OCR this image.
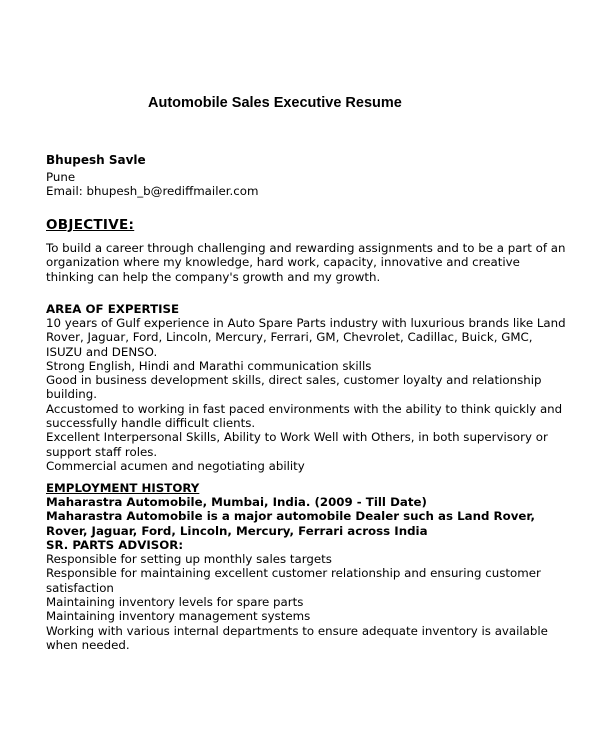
Automobile Sales Executive Resume
Bhupesh Savle
Pune
Email: bhupesh_b@rediffmailer.com
OBJECTIVE:
To build a career through challenging and rewarding assignments and to be a part of an
organization where my knowledge, hard work, capacity, innovative and creative
thinking can help the company's growth and my growth.
AREA OF EXPERTISE
10 years of Gulf experience in Auto Spare Parts industry with luxurious brands like Land
Rover, Jaguar, Ford, Lincoln, Mercury, Ferrari, GM, Chevrolet, Cadillac, Buick, GMC,
ISUZU and DENSO.
Strong English, Hindi and Marathi communication skills
Good in business development skills, direct sales, customer loyalty and relationship
building.
Accustomed to working in fast paced environments with the ability to think quickly and
successfully handle difficult clients.
Excellent Interpersonal Skills, Ability to Work Well with Others, in both supervisory or
support staff roles.
Commercial acumen and negotiating ability
EMPLOYMENT HISTORY
Maharastra Automobile, Mumbai, India. (2009 - Till Date)
Maharastra Automobile is a major automobile Dealer such as Land Rover,
Rover, Jaguar, Ford, Lincoln, Mercury, Ferrari across India
SR. PARTS ADVISOR:
Responsible for setting up monthly sales targets
Responsible for maintaining excellent customer relationship and ensuring customer
satisfaction
Maintaining inventory levels for spare parts
Maintaining inventory management systems
Working with various internal departments to ensure adequate inventory is available
when needed.
